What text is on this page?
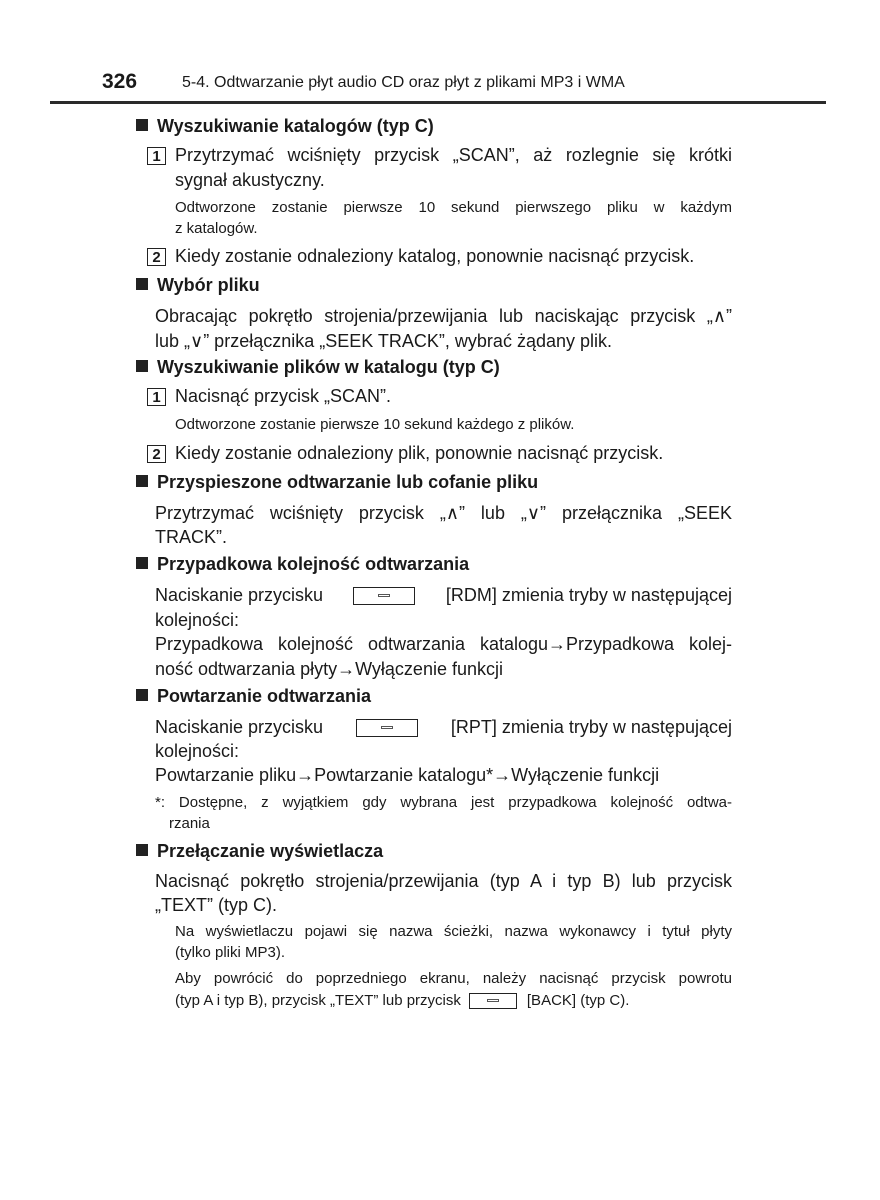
326	5-4. Odtwarzanie płyt audio CD oraz płyt z plikami MP3 i WMA
Wyszukiwanie katalogów (typ C)
1 Przytrzymać wciśnięty przycisk „SCAN”, aż rozlegnie się krótki
sygnał akustyczny.
Odtworzone zostanie pierwsze 10 sekund pierwszego pliku w każdym
z katalogów.
2 Kiedy zostanie odnaleziony katalog, ponownie nacisnąć przycisk.
Wybór pliku
Obracając pokrętło strojenia/przewijania lub naciskając przycisk „∧”
lub „∨” przełącznika „SEEK TRACK”, wybrać żądany plik.
Wyszukiwanie plików w katalogu (typ C)
1 Nacisnąć przycisk „SCAN”.
Odtworzone zostanie pierwsze 10 sekund każdego z plików.
2 Kiedy zostanie odnaleziony plik, ponownie nacisnąć przycisk.
Przyspieszone odtwarzanie lub cofanie pliku
Przytrzymać wciśnięty przycisk „∧” lub „∨” przełącznika „SEEK
TRACK”.
Przypadkowa kolejność odtwarzania
Naciskanie przycisku	[RDM] zmienia tryby w następującej
kolejności:
Przypadkowa kolejność odtwarzania katalogu→Przypadkowa kolej-
ność odtwarzania płyty→Wyłączenie funkcji
Powtarzanie odtwarzania
Naciskanie przycisku	[RPT] zmienia tryby w następującej
kolejności:
Powtarzanie pliku→Powtarzanie katalogu*→Wyłączenie funkcji
*: Dostępne, z wyjątkiem gdy wybrana jest przypadkowa kolejność odtwa-
rzania
Przełączanie wyświetlacza
Nacisnąć pokrętło strojenia/przewijania (typ A i typ B) lub przycisk
„TEXT” (typ C).
Na wyświetlaczu pojawi się nazwa ścieżki, nazwa wykonawcy i tytuł płyty
(tylko pliki MP3).
Aby powrócić do poprzedniego ekranu, należy nacisnąć przycisk powrotu
(typ A i typ B), przycisk „TEXT” lub przycisk	[BACK] (typ C).
